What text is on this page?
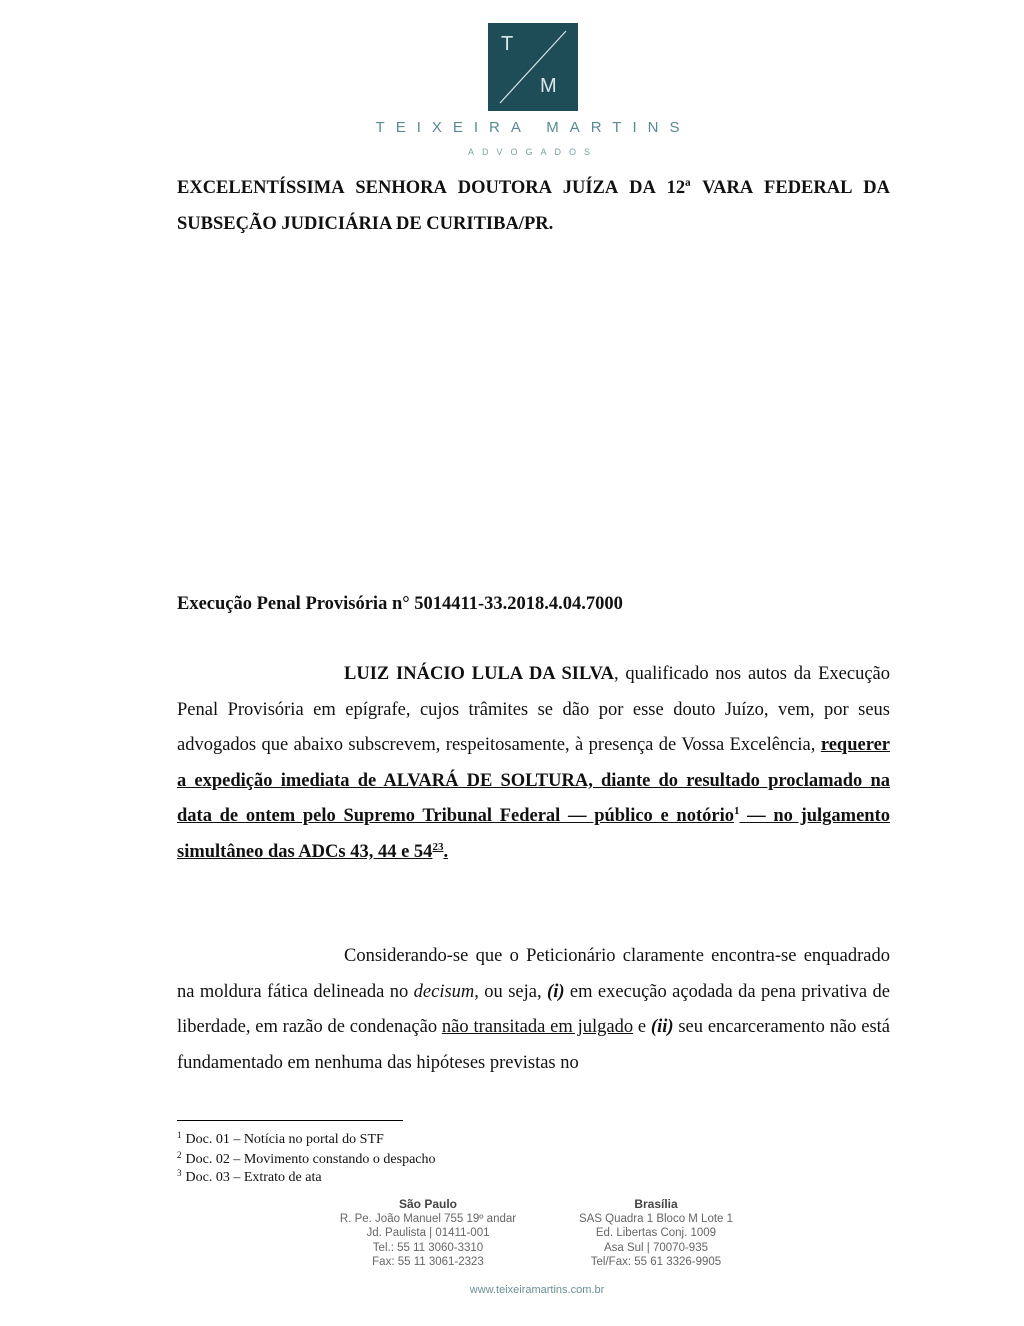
T
M
TEIXEIRA MARTINS
ADVOGADOS
EXCELENTÍSSIMA SENHORA DOUTORA JUÍZA DA 12ª VARA FEDERAL DA SUBSEÇÃO JUDICIÁRIA DE CURITIBA/PR.
Execução Penal Provisória n° 5014411-33.2018.4.04.7000
LUIZ INÁCIO LULA DA SILVA, qualificado nos autos da Execução Penal Provisória em epígrafe, cujos trâmites se dão por esse douto Juízo, vem, por seus advogados que abaixo subscrevem, respeitosamente, à presença de Vossa Excelência, requerer a expedição imediata de ALVARÁ DE SOLTURA, diante do resultado proclamado na data de ontem pelo Supremo Tribunal Federal — público e notório$^1$ — no julgamento simultâneo das ADCs 43, 44 e $54^{23}$.
Considerando-se que o Peticionário claramente encontra-se enquadrado na moldura fática delineada no decisum, ou seja, (i) em execução açodada da pena privativa de liberdade, em razão de condenação não transitada em julgado e (ii) seu encarceramento não está fundamentado em nenhuma das hipóteses previstas no
$^1$ Doc. 01 – Notícia no portal do STF
$^2$ Doc. 02 – Movimento constando o despacho
$^3$ Doc. 03 – Extrato de ata
São Paulo
R. Pe. João Manuel 755 19º andar
Jd. Paulista | 01411-001
Tel.: 55 11 3060-3310
Fax: 55 11 3061-2323
Brasília
SAS Quadra 1 Bloco M Lote 1
Ed. Libertas Conj. 1009
Asa Sul | 70070-935
Tel/Fax: 55 61 3326-9905
www.teixeiramartins.com.br
